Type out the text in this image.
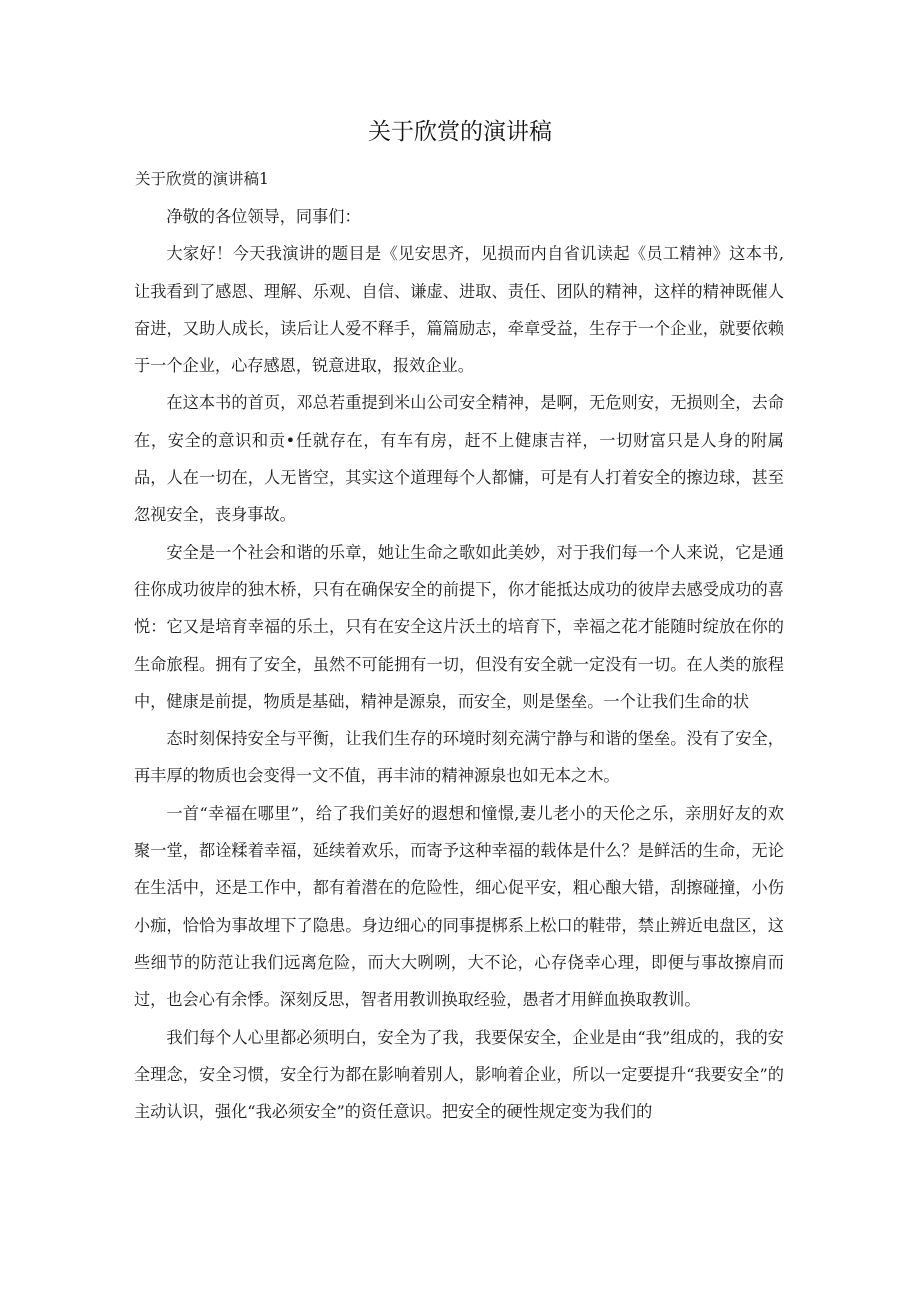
关于欣赏的演讲稿
关于欣赏的演讲稿1

净敬的各位领导，同事们：

大家好！今天我演讲的题目是《见安思齐，见损而内自省讥读起《员工精神》这本书,让我看到了感恩、理解、乐观、自信、谦虚、进取、责任、团队的精神，这样的精神既催人奋进，又助人成长，读后让人爱不释手，篇篇励志，牵章受益，生存于一个企业，就要依赖于一个企业，心存感恩，锐意进取，报效企业。

在这本书的首页，邓总若重提到米山公司安全精神，是啊，无危则安，无损则全，去命在，安全的意识和贡•任就存在，有车有房，赶不上健康吉祥，一切财富只是人身的附属品，人在一切在，人无皆空，其实这个道理每个人都慵，可是有人打着安全的擦边球，甚至忽视安全，丧身事故。

安全是一个社会和谐的乐章，她让生命之歌如此美妙，对于我们每一个人来说，它是通往你成功彼岸的独木桥，只有在确保安全的前提下，你才能抵达成功的彼岸去感受成功的喜悦：它又是培育幸福的乐土，只有在安全这片沃土的培育下，幸福之花才能随时绽放在你的生命旅程。拥有了安全，虽然不可能拥有一切，但没有安全就一定没有一切。在人类的旅程中，健康是前提，物质是基础，精神是源泉，而安全，则是堡垒。一个让我们生命的状

态时刻保持安全与平衡，让我们生存的环境时刻充满宁静与和谐的堡垒。没有了安全，再丰厚的物质也会变得一文不值，再丰沛的精神源泉也如无本之木。

一首“幸福在哪里”，给了我们美好的遐想和憧憬,妻儿老小的天伦之乐，亲朋好友的欢聚一堂，都诠糅着幸福，延续着欢乐，而寄予这种幸福的载体是什么？是鲜活的生命，无论在生活中，还是工作中，都有着潜在的危险性，细心促平安，粗心酿大错，刮擦碰撞，小伤小痂，恰恰为事故埋下了隐患。身边细心的同事提梆系上松口的鞋带，禁止辨近电盘区，这些细节的防范让我们远离危险，而大大咧咧，大不论，心存侥幸心理，即便与事故擦肩而过，也会心有余悸。深刻反思，智者用教训换取经验，愚者才用鲜血换取教训。

我们每个人心里都必须明白，安全为了我，我要保安全，企业是由“我”组成的，我的安全理念，安全习惯，安全行为都在影响着别人，影响着企业，所以一定要提升“我要安全”的主动认识，强化“我必须安全”的资任意识。把安全的硬性规定变为我们的
